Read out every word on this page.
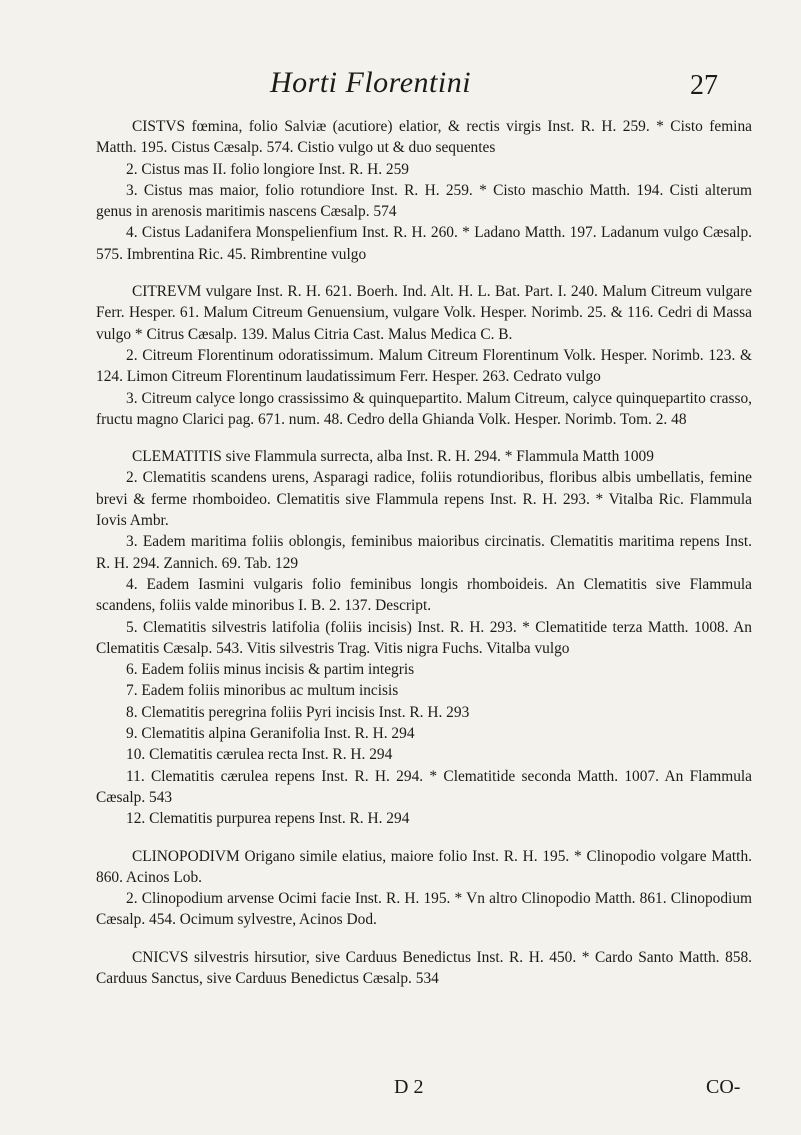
Horti Florentini	27

CISTVS fœmina, folio Salviæ (acutiore) elatior, & rectis virgis Inst. R. H. 259. * Cisto femina Matth. 195. Cistus Cæsalp. 574. Cistio vulgo ut & duo sequentes

2. Cistus mas II. folio longiore Inst. R. H. 259

3. Cistus mas maior, folio rotundiore Inst. R. H. 259. * Cisto maschio Matth. 194. Cisti alterum genus in arenosis maritimis nascens Cæsalp. 574

4. Cistus Ladanifera Monspelienfium Inst. R. H. 260. * Ladano Matth. 197. Ladanum vulgo Cæsalp. 575. Imbrentina Ric. 45. Rimbrentine vulgo

CITREVM vulgare Inst. R. H. 621. Boerh. Ind. Alt. H. L. Bat. Part. I. 240. Malum Citreum vulgare Ferr. Hesper. 61. Malum Citreum Genuensium, vulgare Volk. Hesper. Norimb. 25. & 116. Cedri di Massa vulgo * Citrus Cæsalp. 139. Malus Citria Cast. Malus Medica C. B.

2. Citreum Florentinum odoratissimum. Malum Citreum Florentinum Volk. Hesper. Norimb. 123. & 124. Limon Citreum Florentinum laudatissimum Ferr. Hesper. 263. Cedrato vulgo

3. Citreum calyce longo crassissimo & quinquepartito. Malum Citreum, calyce quinquepartito crasso, fructu magno Clarici pag. 671. num. 48. Cedro della Ghianda Volk. Hesper. Norimb. Tom. 2. 48

CLEMATITIS sive Flammula surrecta, alba Inst. R. H. 294. * Flammula Matth 1009

2. Clematitis scandens urens, Asparagi radice, foliis rotundioribus, floribus albis umbellatis, femine brevi & ferme rhomboideo. Clematitis sive Flammula repens Inst. R. H. 293. * Vitalba Ric. Flammula Iovis Ambr.

3. Eadem maritima foliis oblongis, feminibus maioribus circinatis. Clematitis maritima repens Inst. R. H. 294. Zannich. 69. Tab. 129

4. Eadem Iasmini vulgaris folio feminibus longis rhomboideis. An Clematitis sive Flammula scandens, foliis valde minoribus I. B. 2. 137. Descript.

5. Clematitis silvestris latifolia (foliis incisis) Inst. R. H. 293. * Clematitide terza Matth. 1008. An Clematitis Cæsalp. 543. Vitis silvestris Trag. Vitis nigra Fuchs. Vitalba vulgo

6. Eadem foliis minus incisis & partim integris

7. Eadem foliis minoribus ac multum incisis

8. Clematitis peregrina foliis Pyri incisis Inst. R. H. 293

9. Clematitis alpina Geranifolia Inst. R. H. 294

10. Clematitis cærulea recta Inst. R. H. 294

11. Clematitis cærulea repens Inst. R. H. 294. * Clematitide seconda Matth. 1007. An Flammula Cæsalp. 543

12. Clematitis purpurea repens Inst. R. H. 294

CLINOPODIVM Origano simile elatius, maiore folio Inst. R. H. 195. * Clinopodio volgare Matth. 860. Acinos Lob.

2. Clinopodium arvense Ocimi facie Inst. R. H. 195. * Vn altro Clinopodio Matth. 861. Clinopodium Cæsalp. 454. Ocimum sylvestre, Acinos Dod.

CNICVS silvestris hirsutior, sive Carduus Benedictus Inst. R. H. 450. * Cardo Santo Matth. 858. Carduus Sanctus, sive Carduus Benedictus Cæsalp. 534

D 2	CO-
